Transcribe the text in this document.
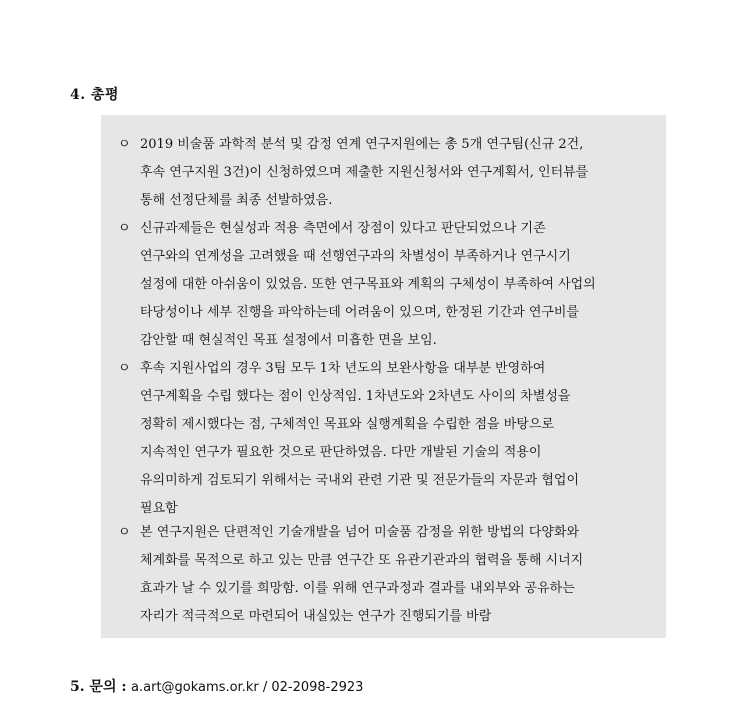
4. 총평
ㅇ 2019 비술품 과학적 분석 및 감정 연계 연구지원에는 총 5개 연구팀(신규 2건,
후속 연구지원 3건)이 신청하였으며 제출한 지원신청서와 연구계획서, 인터뷰를
통해 선정단체를 최종 선발하였음.
ㅇ 신규과제들은 현실성과 적용 측면에서 장점이 있다고 판단되었으나 기존
연구와의 연계성을 고려했을 때 선행연구과의 차별성이 부족하거나 연구시기
설정에 대한 아쉬움이 있었음. 또한 연구목표와 계획의 구체성이 부족하여 사업의
타당성이나 세부 진행을 파악하는데 어려움이 있으며, 한정된 기간과 연구비를
감안할 때 현실적인 목표 설정에서 미흡한 면을 보임.
ㅇ 후속 지원사업의 경우 3팀 모두 1차 년도의 보완사항을 대부분 반영하여
연구계획을 수립 했다는 점이 인상적임. 1차년도와 2차년도 사이의 차별성을
정확히 제시했다는 점, 구체적인 목표와 실행계획을 수립한 점을 바탕으로
지속적인 연구가 필요한 것으로 판단하였음. 다만 개발된 기술의 적용이
유의미하게 검토되기 위해서는 국내외 관련 기관 및 전문가들의 자문과 협업이
필요함
ㅇ 본 연구지원은 단편적인 기술개발을 넘어 미술품 감정을 위한 방법의 다양화와
체계화를 목적으로 하고 있는 만큼 연구간 또 유관기관과의 협력을 통해 시너지
효과가 날 수 있기를 희망함. 이를 위해 연구과정과 결과를 내외부와 공유하는
자리가 적극적으로 마련되어 내실있는 연구가 진행되기를 바람
5. 문의 : a.art@gokams.or.kr / 02-2098-2923
